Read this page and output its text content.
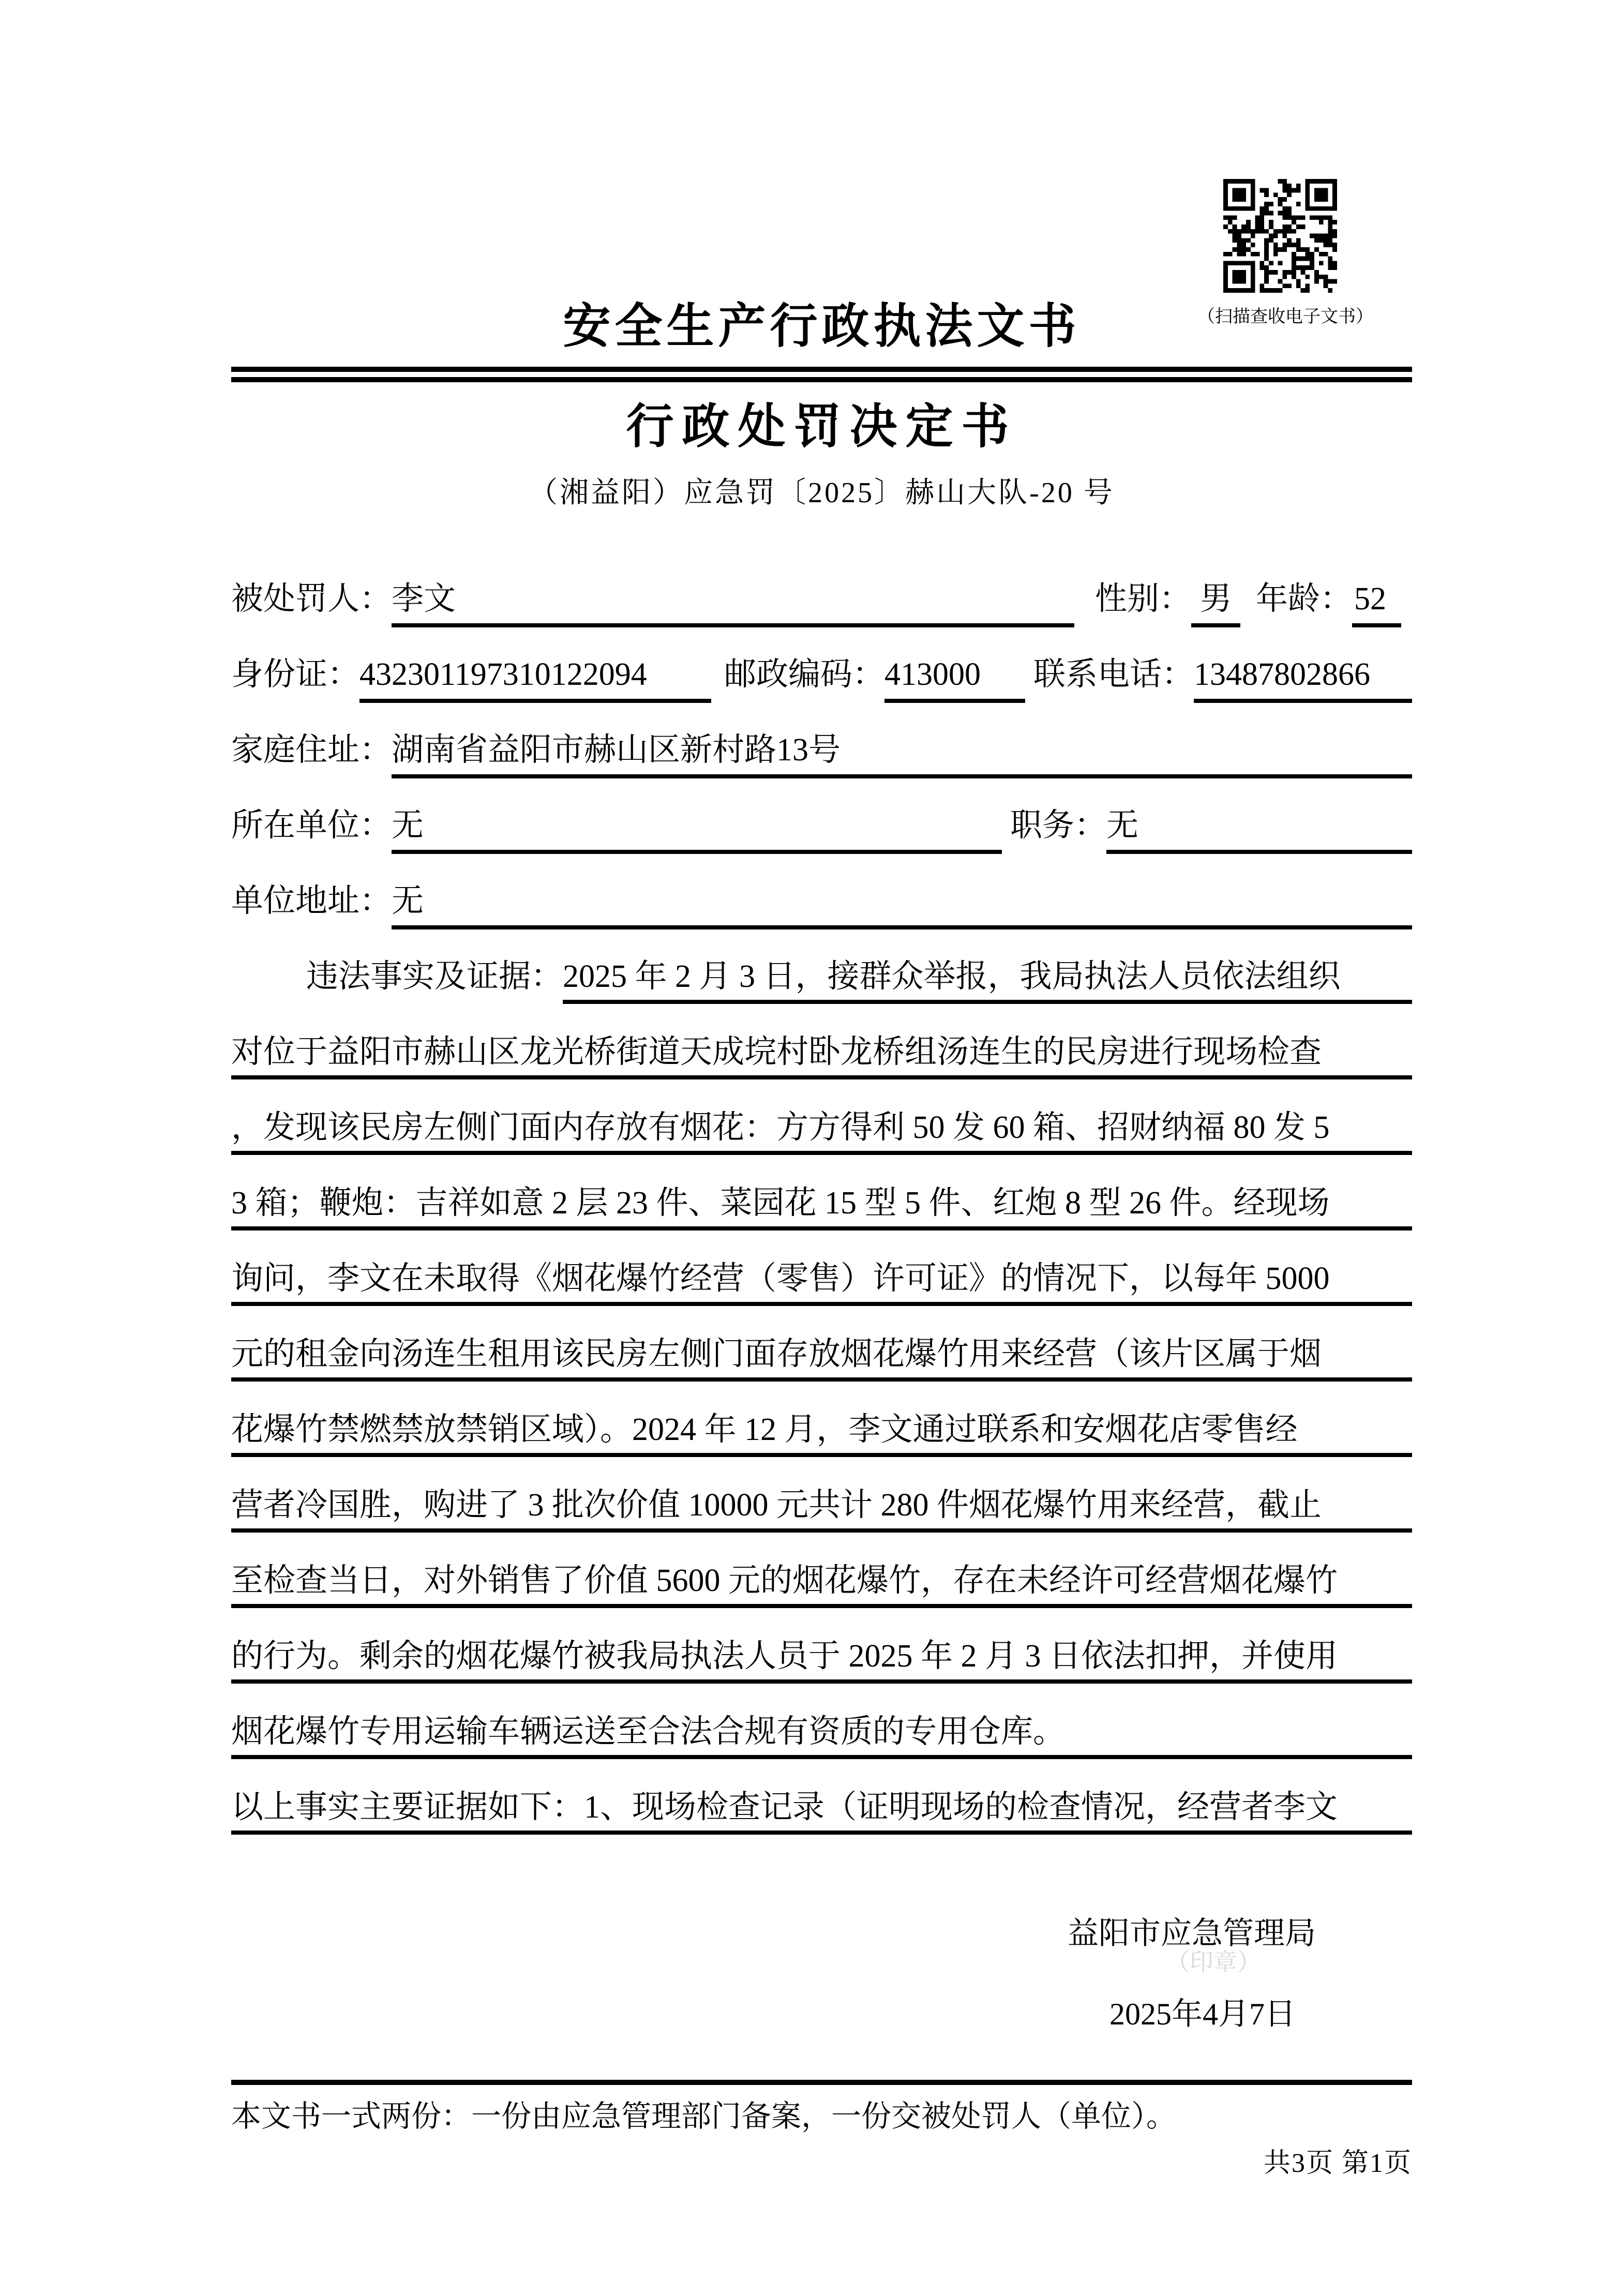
（扫描查收电子文书）
安全生产行政执法文书
行政处罚决定书
（湘益阳）应急罚〔2025〕赫山大队-20 号
被处罚人： 李文	性别： 男 年龄： 52
身份证： 432301197310122094	邮政编码： 413000	联系电话： 13487802866
家庭住址： 湖南省益阳市赫山区新村路13号
所在单位： 无	职务： 无
单位地址： 无
违法事实及证据： 2025 年 2 月 3 日，接群众举报，我局执法人员依法组织
对位于益阳市赫山区龙光桥街道天成垸村卧龙桥组汤连生的民房进行现场检查
，发现该民房左侧门面内存放有烟花：方方得利 50 发 60 箱、招财纳福 80 发 5
3 箱；鞭炮：吉祥如意 2 层 23 件、菜园花 15 型 5 件、红炮 8 型 26 件。经现场
询问，李文在未取得《烟花爆竹经营（零售）许可证》的情况下，以每年 5000
元的租金向汤连生租用该民房左侧门面存放烟花爆竹用来经营（该片区属于烟
花爆竹禁燃禁放禁销区域）。2024 年 12 月，李文通过联系和安烟花店零售经
营者冷国胜，购进了 3 批次价值 10000 元共计 280 件烟花爆竹用来经营，截止
至检查当日，对外销售了价值 5600 元的烟花爆竹，存在未经许可经营烟花爆竹
的行为。剩余的烟花爆竹被我局执法人员于 2025 年 2 月 3 日依法扣押，并使用
烟花爆竹专用运输车辆运送至合法合规有资质的专用仓库。
以上事实主要证据如下：1、现场检查记录（证明现场的检查情况，经营者李文
益阳市应急管理局
（印章）
2025年4月7日
本文书一式两份：一份由应急管理部门备案，一份交被处罚人（单位）。
共3页 第1页
